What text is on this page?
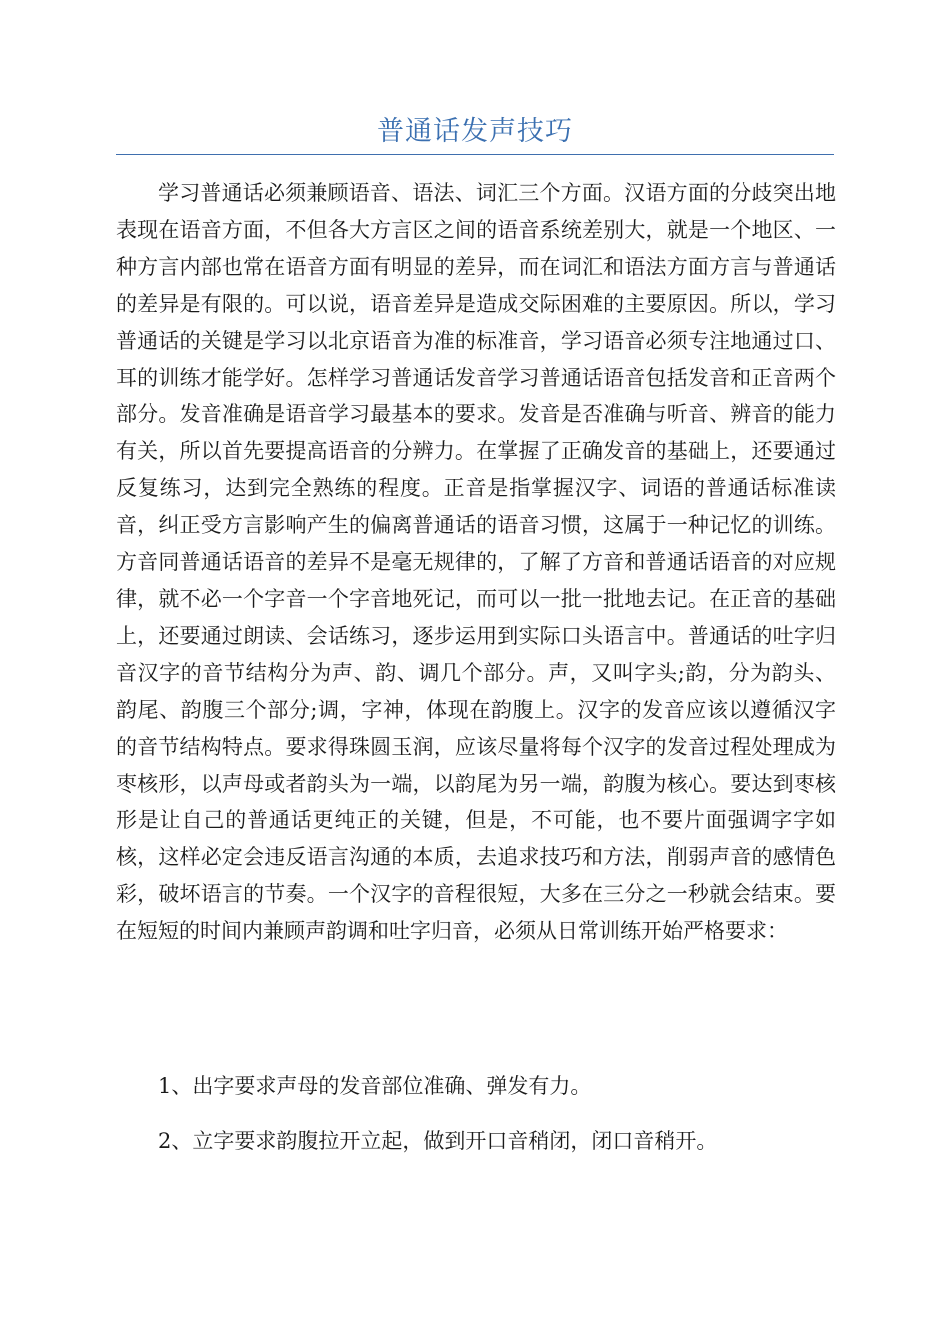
普通话发声技巧

学习普通话必须兼顾语音、语法、词汇三个方面。汉语方面的分歧突出地表现在语音方面，不但各大方言区之间的语音系统差别大，就是一个地区、一种方言内部也常在语音方面有明显的差异，而在词汇和语法方面方言与普通话的差异是有限的。可以说，语音差异是造成交际困难的主要原因。所以，学习普通话的关键是学习以北京语音为准的标准音，学习语音必须专注地通过口、耳的训练才能学好。怎样学习普通话发音学习普通话语音包括发音和正音两个部分。发音准确是语音学习最基本的要求。发音是否准确与听音、辨音的能力有关，所以首先要提高语音的分辨力。在掌握了正确发音的基础上，还要通过反复练习，达到完全熟练的程度。正音是指掌握汉字、词语的普通话标准读音，纠正受方言影响产生的偏离普通话的语音习惯，这属于一种记忆的训练。方音同普通话语音的差异不是毫无规律的，了解了方音和普通话语音的对应规律，就不必一个字音一个字音地死记，而可以一批一批地去记。在正音的基础上，还要通过朗读、会话练习，逐步运用到实际口头语言中。普通话的吐字归音汉字的音节结构分为声、韵、调几个部分。声，又叫字头;韵，分为韵头、韵尾、韵腹三个部分;调，字神，体现在韵腹上。汉字的发音应该以遵循汉字的音节结构特点。要求得珠圆玉润，应该尽量将每个汉字的发音过程处理成为枣核形，以声母或者韵头为一端，以韵尾为另一端，韵腹为核心。要达到枣核形是让自己的普通话更纯正的关键，但是，不可能，也不要片面强调字字如核，这样必定会违反语言沟通的本质，去追求技巧和方法，削弱声音的感情色彩，破坏语言的节奏。一个汉字的音程很短，大多在三分之一秒就会结束。要在短短的时间内兼顾声韵调和吐字归音，必须从日常训练开始严格要求：

1、出字要求声母的发音部位准确、弹发有力。

2、立字要求韵腹拉开立起，做到开口音稍闭，闭口音稍开。
